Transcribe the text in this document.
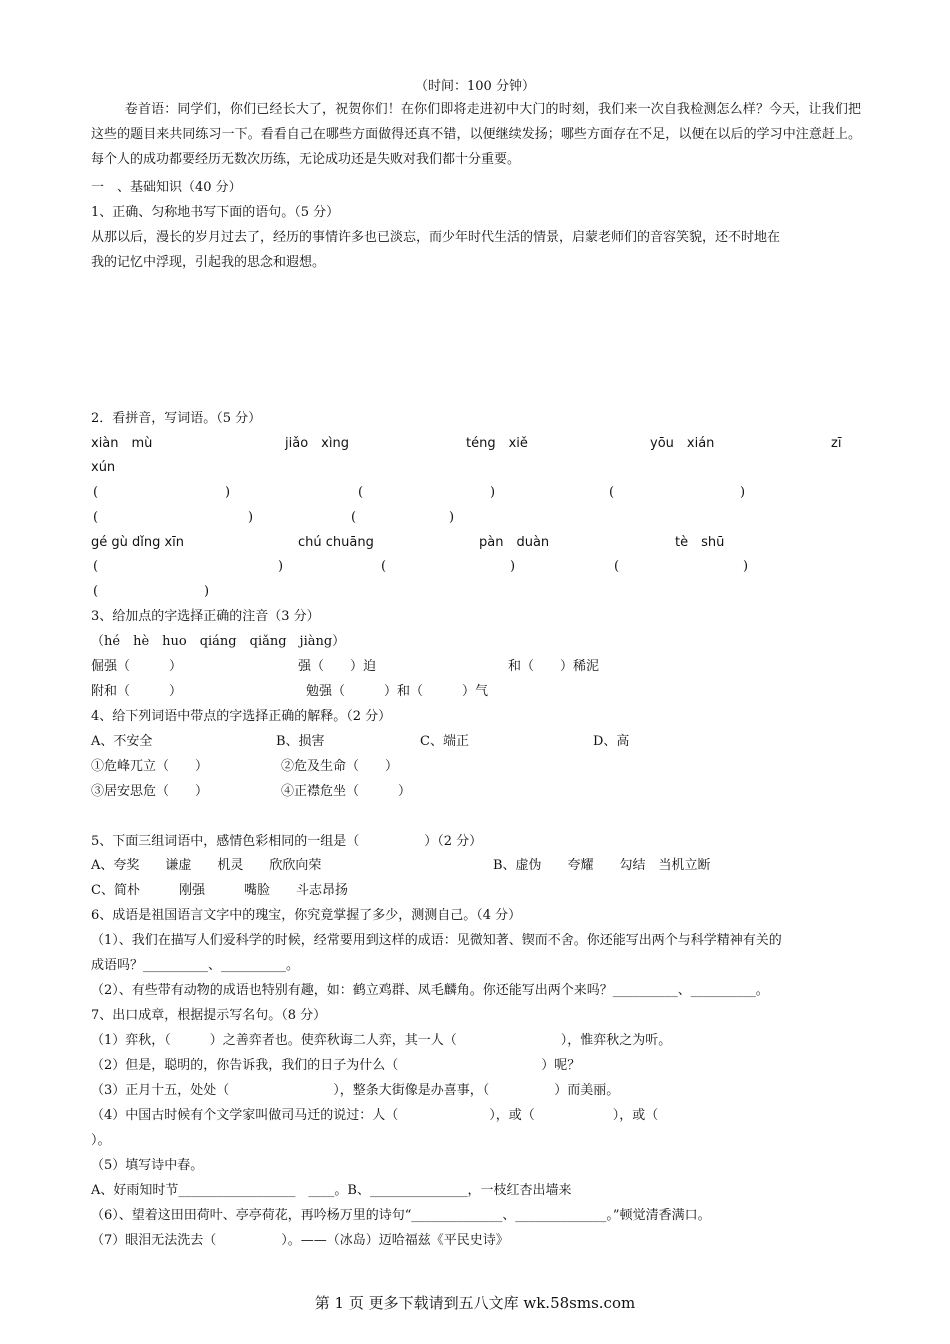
（时间：100 分钟）
卷首语：同学们，你们已经长大了，祝贺你们！在你们即将走进初中大门的时刻，我们来一次自我检测怎么样？今天，让我们把这些的题目来共同练习一下。看看自己在哪些方面做得还真不错，以便继续发扬；哪些方面存在不足，以便在以后的学习中注意赶上。每个人的成功都要经历无数次历练，无论成功还是失败对我们都十分重要。
一　、基础知识（40 分）
1、正确、匀称地书写下面的语句。（5 分）
从那以后，漫长的岁月过去了，经历的事情许多也已淡忘，而少年时代生活的情景，启蒙老师们的音容笑貌，还不时地在
我的记忆中浮现，引起我的思念和遐想。
2．看拼音，写词语。（5 分）
xiàn　mù	jiǎo　xìng	téng　xiě	yōu　xián	zī
xún
(	)	(	)	(	)
(	)	(	)
gé gù dǐng xīn	chú chuāng	pàn　duàn	tè　shū
(	)	(	)	(	)
(	)
3、给加点的字选择正确的注音（3 分）
（hé　hè　huo　qiáng　qiǎng　jiàng）
倔强（　　　）	强（　　）迫	和（　　）稀泥
附和（　　　）	勉强（　　　）和（　　　）气
4、给下列词语中带点的字选择正确的解释。（2 分）
A、不安全	B、损害	C、端正	D、高
①危峰兀立（　　）	②危及生命（　　）
③居安思危（　　）	④正襟危坐（　　　）
5、下面三组词语中，感情色彩相同的一组是（　　　　　）（2 分）
A、夸奖　　谦虚　　机灵　　欣欣向荣	B、虚伪　　夸耀　　勾结　当机立断
C、简朴　　　刚强　　　嘴脸　　斗志昂扬
6、成语是祖国语言文字中的瑰宝，你究竟掌握了多少，测测自己。（4 分）
（1）、我们在描写人们爱科学的时候，经常要用到这样的成语：见微知著、锲而不舍。你还能写出两个与科学精神有关的
成语吗？__________、__________。
（2）、有些带有动物的成语也特别有趣，如：鹤立鸡群、凤毛麟角。你还能写出两个来吗？__________、__________。
7、出口成章，根据提示写名句。（8 分）
（1）弈秋，（　　　）之善弈者也。使弈秋诲二人弈，其一人（　　　　　　　　），惟弈秋之为听。
（2）但是，聪明的，你告诉我，我们的日子为什么（　　　　　　　　　　　）呢？
（3）正月十五，处处（　　　　　　　　），整条大街像是办喜事，（　　　　　）而美丽。
（4）中国古时候有个文学家叫做司马迁的说过：人（　　　　　　　），或（　　　　　　），或（
）。
（5）填写诗中春。
A、好雨知时节__________________　____。B、_______________，一枝红杏出墙来
（6）、望着这田田荷叶、亭亭荷花，再吟杨万里的诗句“______________、______________。”顿觉清香满口。
（7）眼泪无法洗去（　　　　　）。——（冰岛）迈哈福兹《平民史诗》
第 1 页 更多下载请到五八文库 wk.58sms.com
